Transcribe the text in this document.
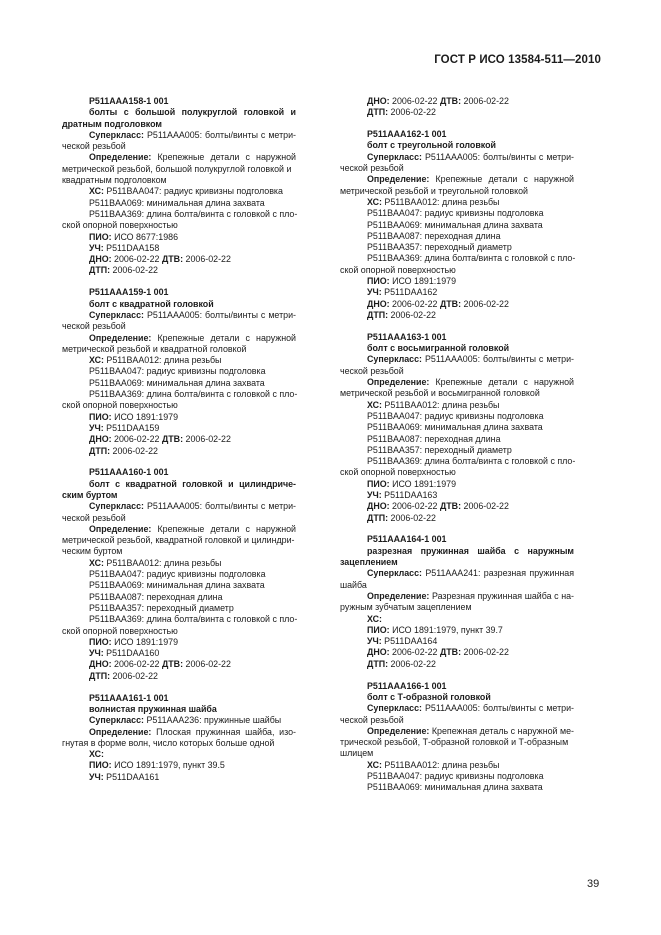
ГОСТ Р ИСО 13584-511—2010
P511AAA158-1 001
болты с большой полукруглой головкой и
дратным подголовком
Суперкласс: P511AAA005: болты/винты с метри-
ческой резьбой
Определение: Крепежные детали с наружной
метрической резьбой, большой полукруглой головкой и
квадратным подголовком
ХС: P511BAA047: радиус кривизны подголовка
P511BAA069: минимальная длина захвата
P511BAA369: длина болта/винта с головкой с пло-
ской опорной поверхностью
ПИО: ИСО 8677:1986
УЧ: P511DAA158
ДНО: 2006-02-22 ДТВ: 2006-02-22
ДТП: 2006-02-22
P511AAA159-1 001
болт с квадратной головкой
Суперкласс: P511AAA005: болты/винты с метри-
ческой резьбой
Определение: Крепежные детали с наружной
метрической резьбой и квадратной головкой
ХС: P511BAA012: длина резьбы
P511BAA047: радиус кривизны подголовка
P511BAA069: минимальная длина захвата
P511BAA369: длина болта/винта с головкой с пло-
ской опорной поверхностью
ПИО: ИСО 1891:1979
УЧ: P511DAA159
ДНО: 2006-02-22 ДТВ: 2006-02-22
ДТП: 2006-02-22
P511AAA160-1 001
болт с квадратной головкой и цилиндриче-
ским буртом
Суперкласс: P511AAA005: болты/винты с метри-
ческой резьбой
Определение: Крепежные детали с наружной
метрической резьбой, квадратной головкой и цилиндри-
ческим буртом
ХС: P511BAA012: длина резьбы
P511BAA047: радиус кривизны подголовка
P511BAA069: минимальная длина захвата
P511BAA087: переходная длина
P511BAA357: переходный диаметр
P511BAA369: длина болта/винта с головкой с пло-
ской опорной поверхностью
ПИО: ИСО 1891:1979
УЧ: P511DAA160
ДНО: 2006-02-22 ДТВ: 2006-02-22
ДТП: 2006-02-22
P511AAA161-1 001
волнистая пружинная шайба
Суперкласс: P511AAA236: пружинные шайбы
Определение: Плоская пружинная шайба, изо-
гнутая в форме волн, число которых больше одной
ХС:
ПИО: ИСО 1891:1979, пункт 39.5
УЧ: P511DAA161
ДНО: 2006-02-22 ДТВ: 2006-02-22
ДТП: 2006-02-22
P511AAA162-1 001
болт с треугольной головкой
Суперкласс: P511AAA005: болты/винты с метри-
ческой резьбой
Определение: Крепежные детали с наружной
метрической резьбой и треугольной головкой
ХС: P511BAA012: длина резьбы
P511BAA047: радиус кривизны подголовка
P511BAA069: минимальная длина захвата
P511BAA087: переходная длина
P511BAA357: переходный диаметр
P511BAA369: длина болта/винта с головкой с пло-
ской опорной поверхностью
ПИО: ИСО 1891:1979
УЧ: P511DAA162
ДНО: 2006-02-22 ДТВ: 2006-02-22
ДТП: 2006-02-22
P511AAA163-1 001
болт с восьмигранной головкой
Суперкласс: P511AAA005: болты/винты с метри-
ческой резьбой
Определение: Крепежные детали с наружной
метрической резьбой и восьмигранной головкой
ХС: P511BAA012: длина резьбы
P511BAA047: радиус кривизны подголовка
P511BAA069: минимальная длина захвата
P511BAA087: переходная длина
P511BAA357: переходный диаметр
P511BAA369: длина болта/винта с головкой с пло-
ской опорной поверхностью
ПИО: ИСО 1891:1979
УЧ: P511DAA163
ДНО: 2006-02-22 ДТВ: 2006-02-22
ДТП: 2006-02-22
P511AAA164-1 001
разрезная пружинная шайба с наружным
зацеплением
Суперкласс: P511AAA241: разрезная пружинная
шайба
Определение: Разрезная пружинная шайба с на-
ружным зубчатым зацеплением
ХС:
ПИО: ИСО 1891:1979, пункт 39.7
УЧ: P511DAA164
ДНО: 2006-02-22 ДТВ: 2006-02-22
ДТП: 2006-02-22
P511AAA166-1 001
болт с Т-образной головкой
Суперкласс: P511AAA005: болты/винты с метри-
ческой резьбой
Определение: Крепежная деталь с наружной ме-
трической резьбой, Т-образной головкой и Т-образным
шлицем
ХС: P511BAA012: длина резьбы
P511BAA047: радиус кривизны подголовка
P511BAA069: минимальная длина захвата
39
